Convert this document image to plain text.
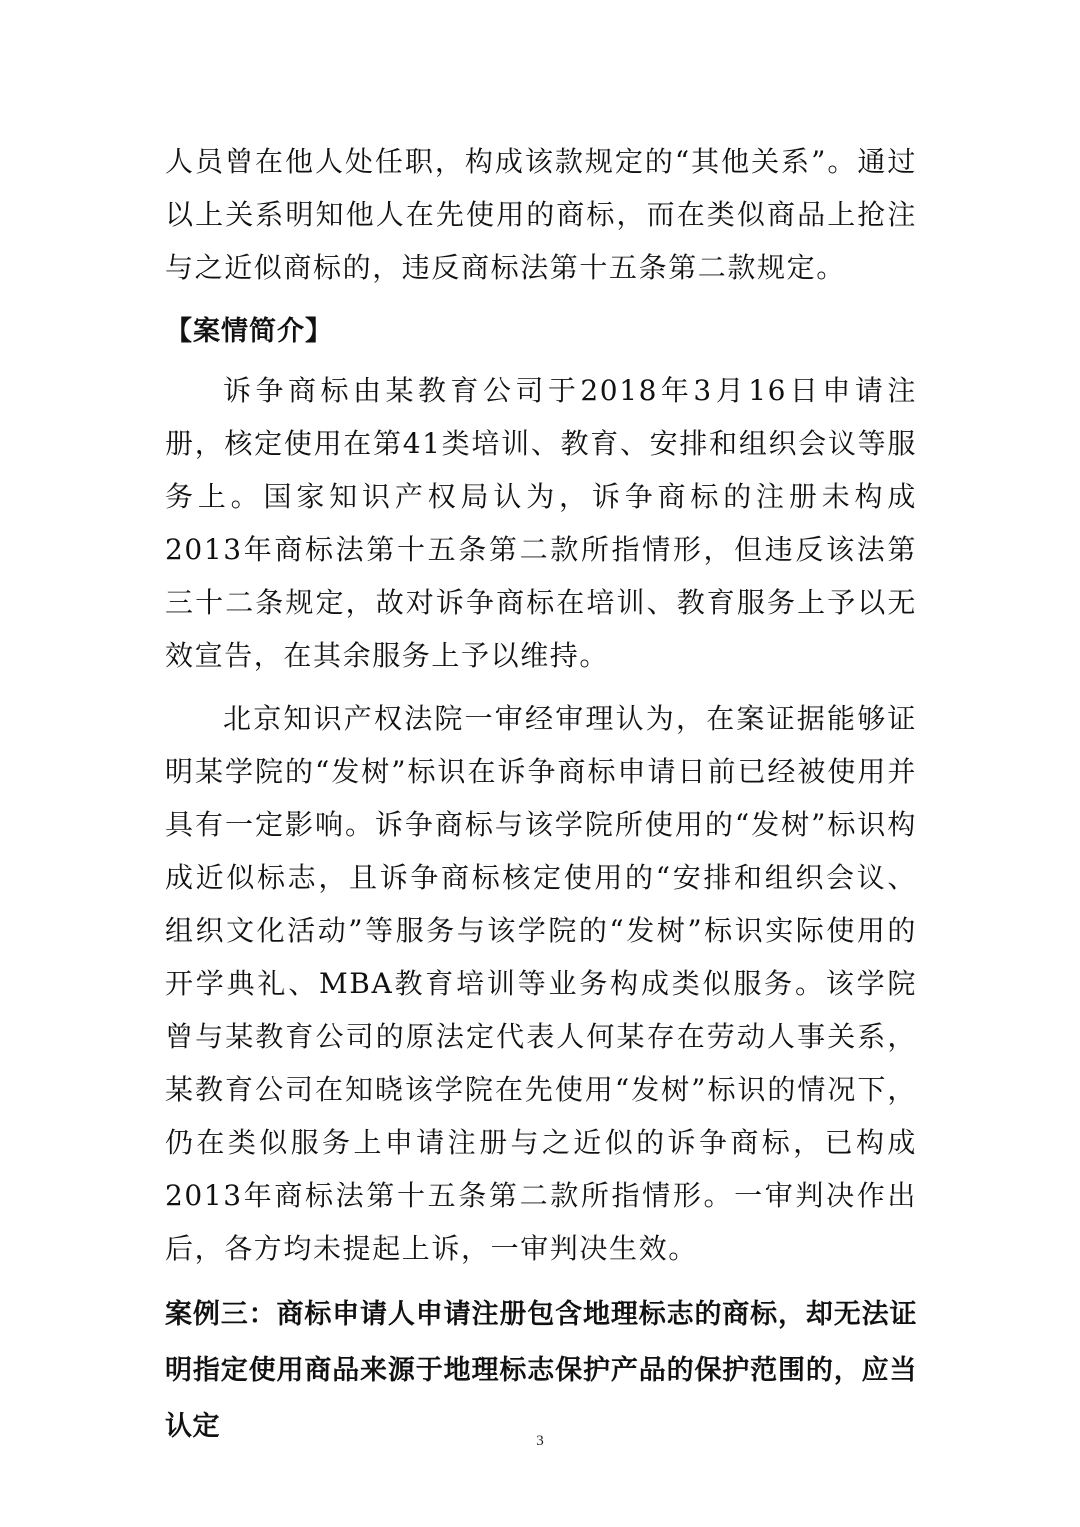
人员曾在他人处任职，构成该款规定的“其他关系”。通过以上关系明知他人在先使用的商标，而在类似商品上抢注与之近似商标的，违反商标法第十五条第二款规定。

【案情简介】

诉争商标由某教育公司于2018年3月16日申请注册，核定使用在第41类培训、教育、安排和组织会议等服务上。国家知识产权局认为，诉争商标的注册未构成2013年商标法第十五条第二款所指情形，但违反该法第三十二条规定，故对诉争商标在培训、教育服务上予以无效宣告，在其余服务上予以维持。

北京知识产权法院一审经审理认为，在案证据能够证明某学院的“发树”标识在诉争商标申请日前已经被使用并具有一定影响。诉争商标与该学院所使用的“发树”标识构成近似标志，且诉争商标核定使用的“安排和组织会议、组织文化活动”等服务与该学院的“发树”标识实际使用的开学典礼、MBA教育培训等业务构成类似服务。该学院曾与某教育公司的原法定代表人何某存在劳动人事关系，某教育公司在知晓该学院在先使用“发树”标识的情况下，仍在类似服务上申请注册与之近似的诉争商标，已构成2013年商标法第十五条第二款所指情形。一审判决作出后，各方均未提起上诉，一审判决生效。

案例三：商标申请人申请注册包含地理标志的商标，却无法证明指定使用商品来源于地理标志保护产品的保护范围的，应当认定	3
